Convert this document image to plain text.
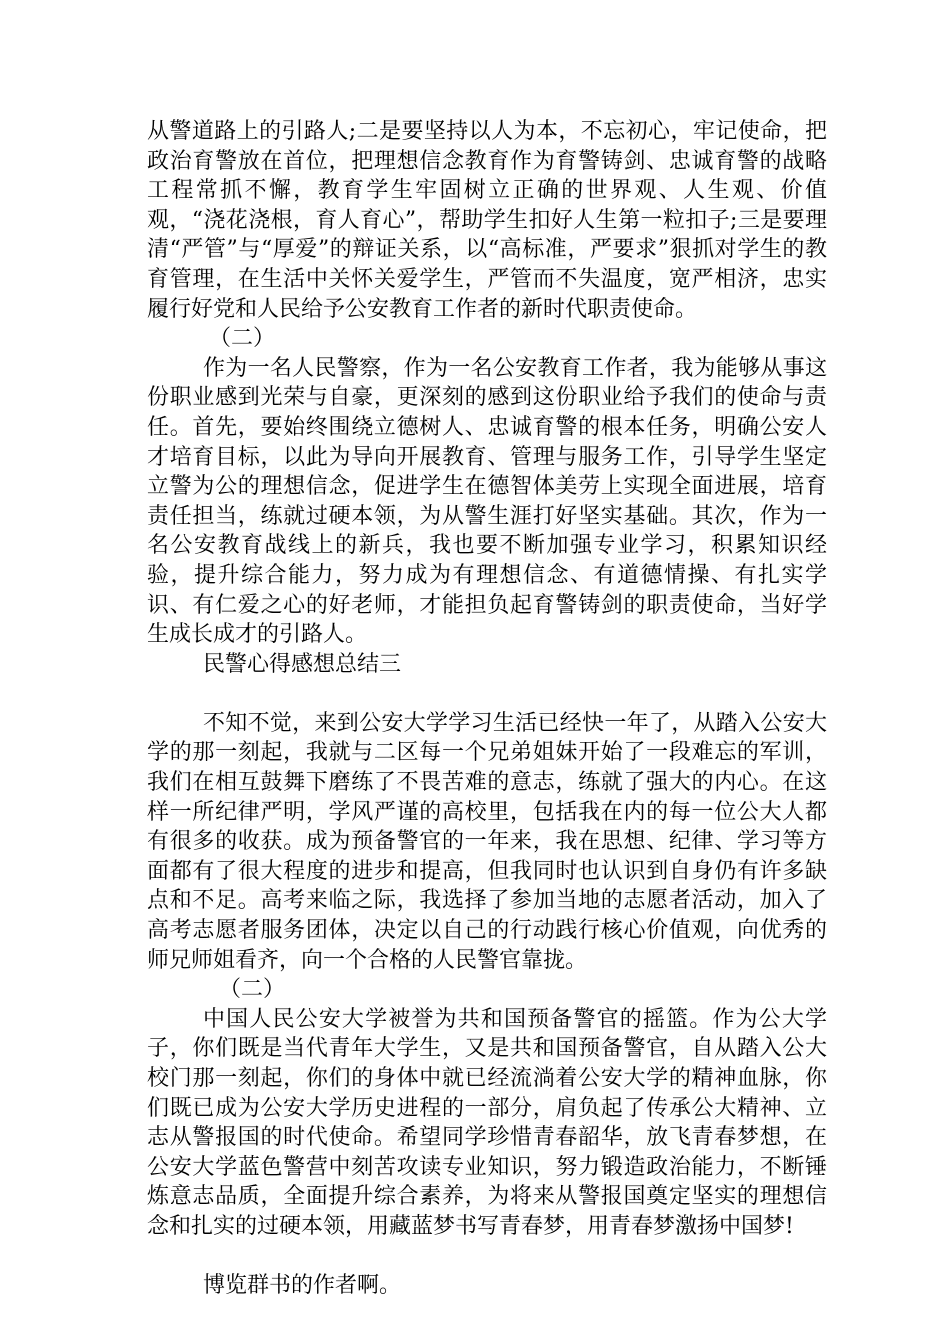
从警道路上的引路人;二是要坚持以人为本，不忘初心，牢记使命，把政治育警放在首位，把理想信念教育作为育警铸剑、忠诚育警的战略工程常抓不懈，教育学生牢固树立正确的世界观、人生观、价值观，“浇花浇根，育人育心”，帮助学生扣好人生第一粒扣子;三是要理清“严管”与“厚爱”的辩证关系，以“高标准，严要求”狠抓对学生的教育管理，在生活中关怀关爱学生，严管而不失温度，宽严相济，忠实履行好党和人民给予公安教育工作者的新时代职责使命。

（二）

作为一名人民警察，作为一名公安教育工作者，我为能够从事这份职业感到光荣与自豪，更深刻的感到这份职业给予我们的使命与责任。首先，要始终围绕立德树人、忠诚育警的根本任务，明确公安人才培育目标，以此为导向开展教育、管理与服务工作，引导学生坚定立警为公的理想信念，促进学生在德智体美劳上实现全面进展，培育责任担当，练就过硬本领，为从警生涯打好坚实基础。其次，作为一名公安教育战线上的新兵，我也要不断加强专业学习，积累知识经验，提升综合能力，努力成为有理想信念、有道德情操、有扎实学识、有仁爱之心的好老师，才能担负起育警铸剑的职责使命，当好学生成长成才的引路人。

民警心得感想总结三

不知不觉，来到公安大学学习生活已经快一年了，从踏入公安大学的那一刻起，我就与二区每一个兄弟姐妹开始了一段难忘的军训，我们在相互鼓舞下磨练了不畏苦难的意志，练就了强大的内心。在这样一所纪律严明，学风严谨的高校里，包括我在内的每一位公大人都有很多的收获。成为预备警官的一年来，我在思想、纪律、学习等方面都有了很大程度的进步和提高，但我同时也认识到自身仍有许多缺点和不足。高考来临之际，我选择了参加当地的志愿者活动，加入了高考志愿者服务团体，决定以自己的行动践行核心价值观，向优秀的师兄师姐看齐，向一个合格的人民警官靠拢。

（二）

中国人民公安大学被誉为共和国预备警官的摇篮。作为公大学子，你们既是当代青年大学生，又是共和国预备警官，自从踏入公大校门那一刻起，你们的身体中就已经流淌着公安大学的精神血脉，你们既已成为公安大学历史进程的一部分，肩负起了传承公大精神、立志从警报国的时代使命。希望同学珍惜青春韶华，放飞青春梦想，在公安大学蓝色警营中刻苦攻读专业知识，努力锻造政治能力，不断锤炼意志品质，全面提升综合素养，为将来从警报国奠定坚实的理想信念和扎实的过硬本领，用藏蓝梦书写青春梦，用青春梦激扬中国梦!

博览群书的作者啊。
